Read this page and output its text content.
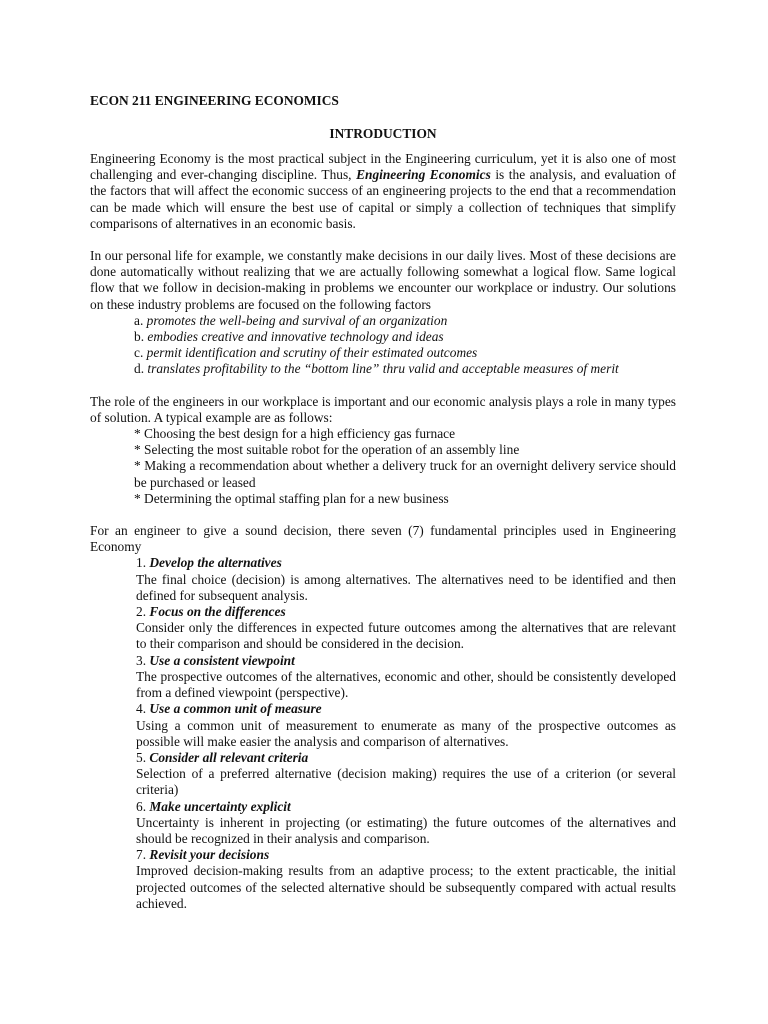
ECON 211 ENGINEERING ECONOMICS
INTRODUCTION

Engineering Economy is the most practical subject in the Engineering curriculum, yet it is also one of most challenging and ever-changing discipline. Thus, Engineering Economics is the analysis, and evaluation of the factors that will affect the economic success of an engineering projects to the end that a recommendation can be made which will ensure the best use of capital or simply a collection of techniques that simplify comparisons of alternatives in an economic basis.

In our personal life for example, we constantly make decisions in our daily lives. Most of these decisions are done automatically without realizing that we are actually following somewhat a logical flow. Same logical flow that we follow in decision-making in problems we encounter our workplace or industry. Our solutions on these industry problems are focused on the following factors

a. promotes the well-being and survival of an organization
b. embodies creative and innovative technology and ideas
c. permit identification and scrutiny of their estimated outcomes
d. translates profitability to the “bottom line” thru valid and acceptable measures of merit

The role of the engineers in our workplace is important and our economic analysis plays a role in many types of solution. A typical example are as follows:

* Choosing the best design for a high efficiency gas furnace
* Selecting the most suitable robot for the operation of an assembly line
* Making a recommendation about whether a delivery truck for an overnight delivery service should be purchased or leased
* Determining the optimal staffing plan for a new business

For an engineer to give a sound decision, there seven (7) fundamental principles used in Engineering Economy

1. Develop the alternatives
The final choice (decision) is among alternatives. The alternatives need to be identified and then defined for subsequent analysis.
2. Focus on the differences
Consider only the differences in expected future outcomes among the alternatives that are relevant to their comparison and should be considered in the decision.
3. Use a consistent viewpoint
The prospective outcomes of the alternatives, economic and other, should be consistently developed from a defined viewpoint (perspective).
4. Use a common unit of measure
Using a common unit of measurement to enumerate as many of the prospective outcomes as possible will make easier the analysis and comparison of alternatives.
5. Consider all relevant criteria
Selection of a preferred alternative (decision making) requires the use of a criterion (or several criteria)
6. Make uncertainty explicit
Uncertainty is inherent in projecting (or estimating) the future outcomes of the alternatives and should be recognized in their analysis and comparison.
7. Revisit your decisions
Improved decision-making results from an adaptive process; to the extent practicable, the initial projected outcomes of the selected alternative should be subsequently compared with actual results achieved.
